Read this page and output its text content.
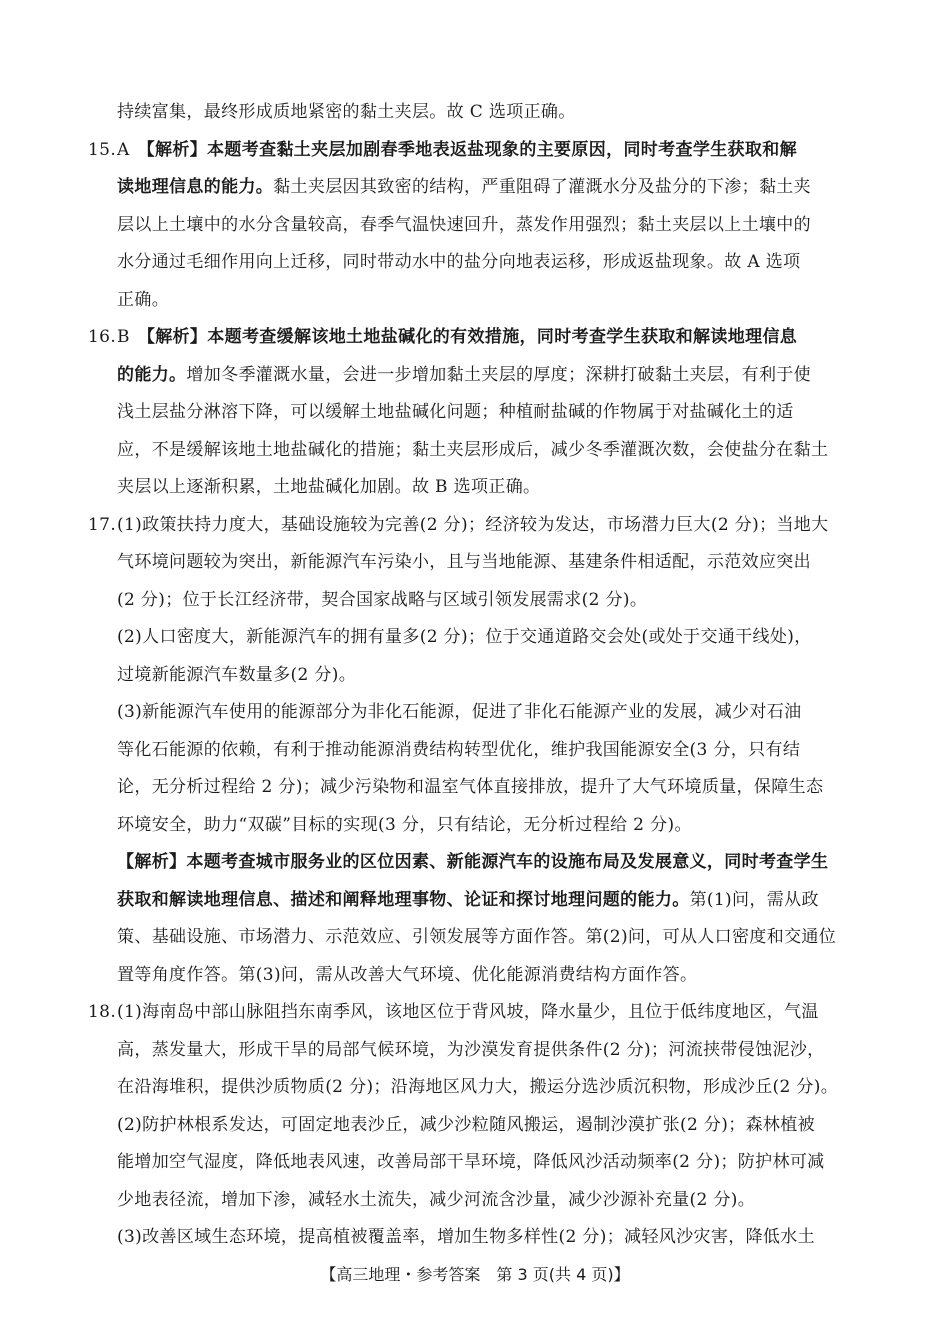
持续富集，最终形成质地紧密的黏土夹层。故 C 选项正确。
15. A 【解析】本题考查黏土夹层加剧春季地表返盐现象的主要原因，同时考查学生获取和解
读地理信息的能力。黏土夹层因其致密的结构，严重阻碍了灌溉水分及盐分的下渗；黏土夹
层以上土壤中的水分含量较高，春季气温快速回升，蒸发作用强烈；黏土夹层以上土壤中的
水分通过毛细作用向上迁移，同时带动水中的盐分向地表运移，形成返盐现象。故 A 选项
正确。
16. B 【解析】本题考查缓解该地土地盐碱化的有效措施，同时考查学生获取和解读地理信息
的能力。增加冬季灌溉水量，会进一步增加黏土夹层的厚度；深耕打破黏土夹层，有利于使
浅土层盐分淋溶下降，可以缓解土地盐碱化问题；种植耐盐碱的作物属于对盐碱化土的适
应，不是缓解该地土地盐碱化的措施；黏土夹层形成后，减少冬季灌溉次数，会使盐分在黏土
夹层以上逐渐积累，土地盐碱化加剧。故 B 选项正确。
17. (1)政策扶持力度大，基础设施较为完善(2 分)；经济较为发达，市场潜力巨大(2 分)；当地大
气环境问题较为突出，新能源汽车污染小，且与当地能源、基建条件相适配，示范效应突出
(2 分)；位于长江经济带，契合国家战略与区域引领发展需求(2 分)。
(2)人口密度大，新能源汽车的拥有量多(2 分)；位于交通道路交会处(或处于交通干线处)，
过境新能源汽车数量多(2 分)。
(3)新能源汽车使用的能源部分为非化石能源，促进了非化石能源产业的发展，减少对石油
等化石能源的依赖，有利于推动能源消费结构转型优化，维护我国能源安全(3 分，只有结
论，无分析过程给 2 分)；减少污染物和温室气体直接排放，提升了大气环境质量，保障生态
环境安全，助力“双碳”目标的实现(3 分，只有结论，无分析过程给 2 分)。
【解析】本题考查城市服务业的区位因素、新能源汽车的设施布局及发展意义，同时考查学生
获取和解读地理信息、描述和阐释地理事物、论证和探讨地理问题的能力。第(1)问，需从政
策、基础设施、市场潜力、示范效应、引领发展等方面作答。第(2)问，可从人口密度和交通位
置等角度作答。第(3)问，需从改善大气环境、优化能源消费结构方面作答。
18. (1)海南岛中部山脉阻挡东南季风，该地区位于背风坡，降水量少，且位于低纬度地区，气温
高，蒸发量大，形成干旱的局部气候环境，为沙漠发育提供条件(2 分)；河流挟带侵蚀泥沙，
在沿海堆积，提供沙质物质(2 分)；沿海地区风力大，搬运分选沙质沉积物，形成沙丘(2 分)。
(2)防护林根系发达，可固定地表沙丘，减少沙粒随风搬运，遏制沙漠扩张(2 分)；森林植被
能增加空气湿度，降低地表风速，改善局部干旱环境，降低风沙活动频率(2 分)；防护林可减
少地表径流，增加下渗，减轻水土流失，减少河流含沙量，减少沙源补充量(2 分)。
(3)改善区域生态环境，提高植被覆盖率，增加生物多样性(2 分)；减轻风沙灾害，降低水土
【高三地理・参考答案　第 3 页(共 4 页)】
